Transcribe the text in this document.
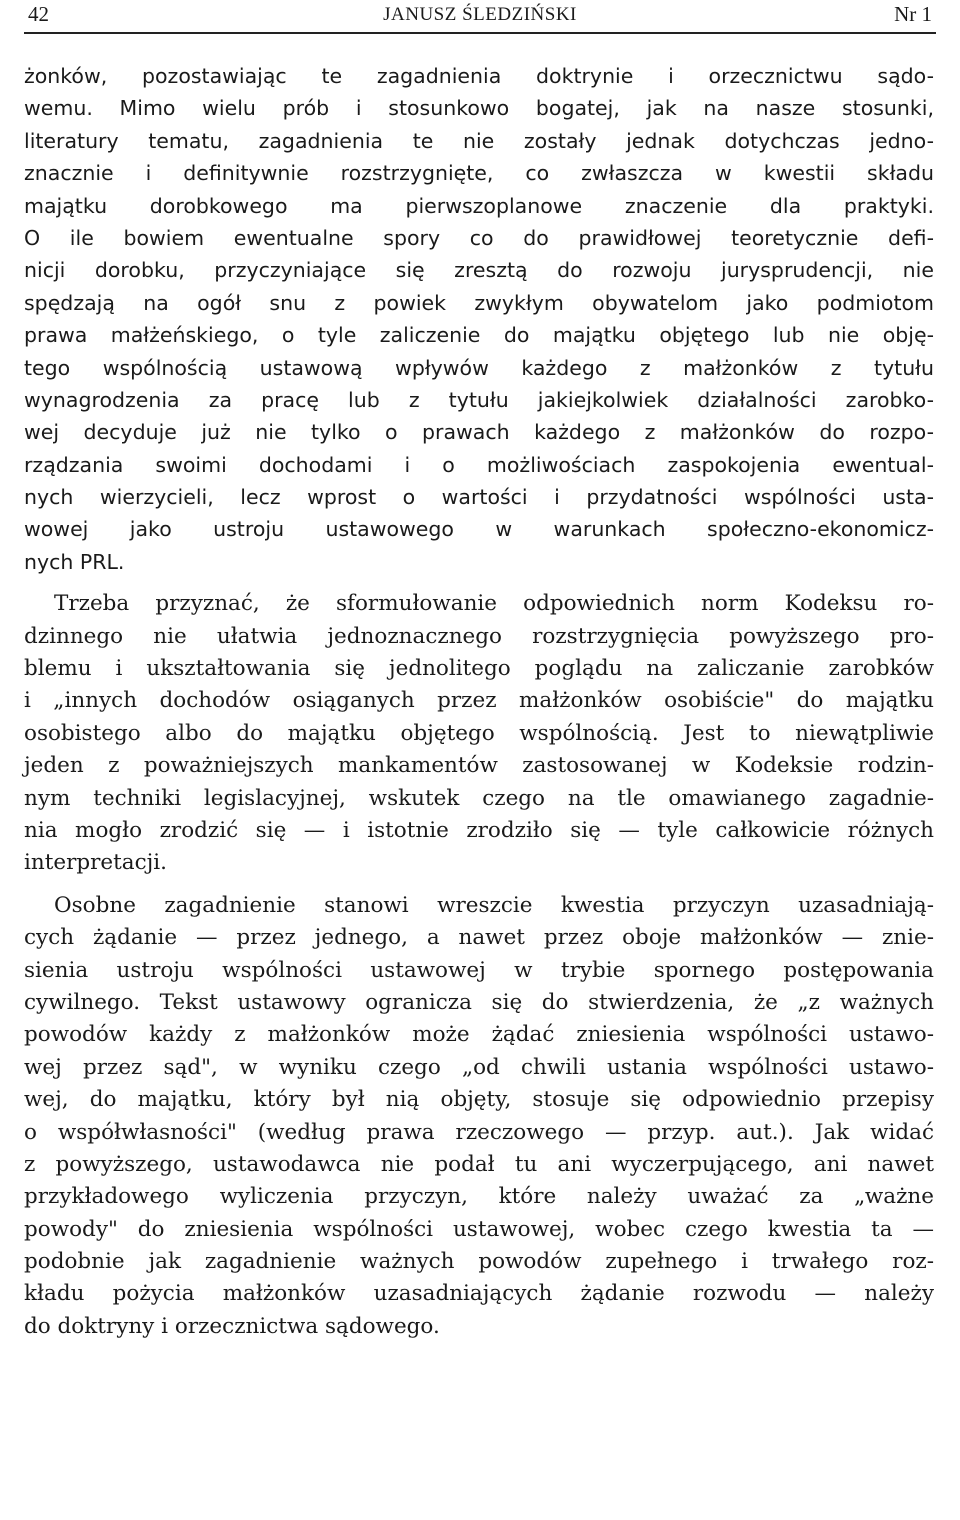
42	JANUSZ ŚLEDZIŃSKI	Nr 1
żonków, pozostawiając te zagadnienia doktrynie i orzecznictwu sądo-
wemu. Mimo wielu prób i stosunkowo bogatej, jak na nasze stosunki,
literatury tematu, zagadnienia te nie zostały jednak dotychczas jedno-
znacznie i definitywnie rozstrzygnięte, co zwłaszcza w kwestii składu
majątku dorobkowego ma pierwszoplanowe znaczenie dla praktyki.
O ile bowiem ewentualne spory co do prawidłowej teoretycznie defi-
nicji dorobku, przyczyniające się zresztą do rozwoju jurysprudencji, nie
spędzają na ogół snu z powiek zwykłym obywatelom jako podmiotom
prawa małżeńskiego, o tyle zaliczenie do majątku objętego lub nie obję-
tego wspólnością ustawową wpływów każdego z małżonków z tytułu
wynagrodzenia za pracę lub z tytułu jakiejkolwiek działalności zarobko-
wej decyduje już nie tylko o prawach każdego z małżonków do rozpo-
rządzania swoimi dochodami i o możliwościach zaspokojenia ewentual-
nych wierzycieli, lecz wprost o wartości i przydatności wspólności usta-
wowej jako ustroju ustawowego w warunkach społeczno-ekonomicz-
nych PRL.
Trzeba przyznać, że sformułowanie odpowiednich norm Kodeksu ro-
dzinnego nie ułatwia jednoznacznego rozstrzygnięcia powyższego pro-
blemu i ukształtowania się jednolitego poglądu na zaliczanie zarobków
i „innych dochodów osiąganych przez małżonków osobiście" do majątku
osobistego albo do majątku objętego wspólnością. Jest to niewątpliwie
jeden z poważniejszych mankamentów zastosowanej w Kodeksie rodzin-
nym techniki legislacyjnej, wskutek czego na tle omawianego zagadnie-
nia mogło zrodzić się — i istotnie zrodziło się — tyle całkowicie różnych
interpretacji.
Osobne zagadnienie stanowi wreszcie kwestia przyczyn uzasadniają-
cych żądanie — przez jednego, a nawet przez oboje małżonków — znie-
sienia ustroju wspólności ustawowej w trybie spornego postępowania
cywilnego. Tekst ustawowy ogranicza się do stwierdzenia, że „z ważnych
powodów każdy z małżonków może żądać zniesienia wspólności ustawo-
wej przez sąd", w wyniku czego „od chwili ustania wspólności ustawo-
wej, do majątku, który był nią objęty, stosuje się odpowiednio przepisy
o współwłasności" (według prawa rzeczowego — przyp. aut.). Jak widać
z powyższego, ustawodawca nie podał tu ani wyczerpującego, ani nawet
przykładowego wyliczenia przyczyn, które należy uważać za „ważne
powody" do zniesienia wspólności ustawowej, wobec czego kwestia ta —
podobnie jak zagadnienie ważnych powodów zupełnego i trwałego roz-
kładu pożycia małżonków uzasadniających żądanie rozwodu — należy
do doktryny i orzecznictwa sądowego.
